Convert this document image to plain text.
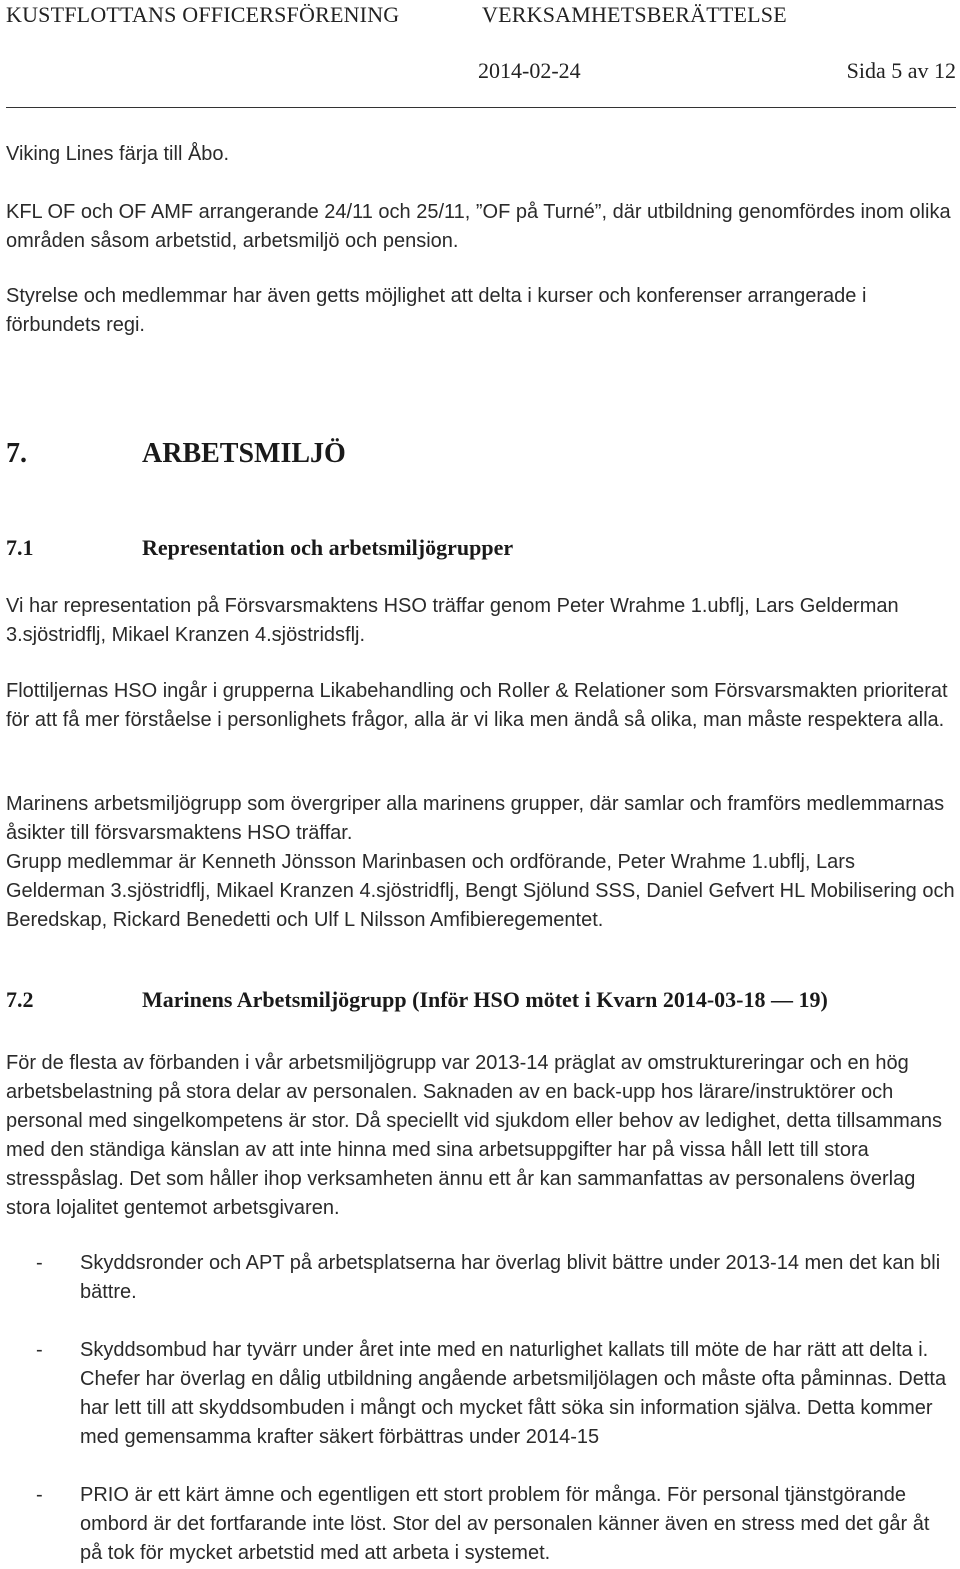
KUSTFLOTTANS OFFICERSFÖRENING	VERKSAMHETSBERÄTTELSE
2014-02-24	Sida 5 av 12

Viking Lines färja till Åbo.

KFL OF och OF AMF arrangerande 24/11 och 25/11, ”OF på Turné”, där utbildning genomfördes inom olika områden såsom arbetstid, arbetsmiljö och pension.

Styrelse och medlemmar har även getts möjlighet att delta i kurser och konferenser arrangerade i förbundets regi.

7.	ARBETSMILJÖ
7.1	Representation och arbetsmiljögrupper

Vi har representation på Försvarsmaktens HSO träffar genom Peter Wrahme 1.ubflj, Lars Gelderman 3.sjöstridflj, Mikael Kranzen 4.sjöstridsflj.

Flottiljernas HSO ingår i grupperna Likabehandling och Roller & Relationer som Försvarsmakten prioriterat för att få mer förståelse i personlighets frågor, alla är vi lika men ändå så olika, man måste respektera alla.

Marinens arbetsmiljögrupp som övergriper alla marinens grupper, där samlar och framförs medlemmarnas åsikter till försvarsmaktens HSO träffar.

Grupp medlemmar är Kenneth Jönsson Marinbasen och ordförande, Peter Wrahme 1.ubflj, Lars Gelderman 3.sjöstridflj, Mikael Kranzen 4.sjöstridflj, Bengt Sjölund SSS, Daniel Gefvert HL Mobilisering och Beredskap, Rickard Benedetti och Ulf L Nilsson Amfibieregementet.

7.2	Marinens Arbetsmiljögrupp (Inför HSO mötet i Kvarn 2014-03-18 — 19)

För de flesta av förbanden i vår arbetsmiljögrupp var 2013-14 präglat av omstruktureringar och en hög arbetsbelastning på stora delar av personalen. Saknaden av en back-upp hos lärare/instruktörer och personal med singelkompetens är stor. Då speciellt vid sjukdom eller behov av ledighet, detta tillsammans med den ständiga känslan av att inte hinna med sina arbetsuppgifter har på vissa håll lett till stora stresspåslag. Det som håller ihop verksamheten ännu ett år kan sammanfattas av personalens överlag stora lojalitet gentemot arbetsgivaren.

- Skyddsronder och APT på arbetsplatserna har överlag blivit bättre under 2013-14 men det kan bli bättre.

- Skyddsombud har tyvärr under året inte med en naturlighet kallats till möte de har rätt att delta i. Chefer har överlag en dålig utbildning angående arbetsmiljölagen och måste ofta påminnas. Detta har lett till att skyddsombuden i mångt och mycket fått söka sin information själva. Detta kommer med gemensamma krafter säkert förbättras under 2014-15

- PRIO är ett kärt ämne och egentligen ett stort problem för många. För personal tjänstgörande ombord är det fortfarande inte löst. Stor del av personalen känner även en stress med det går åt på tok för mycket arbetstid med att arbeta i systemet.
